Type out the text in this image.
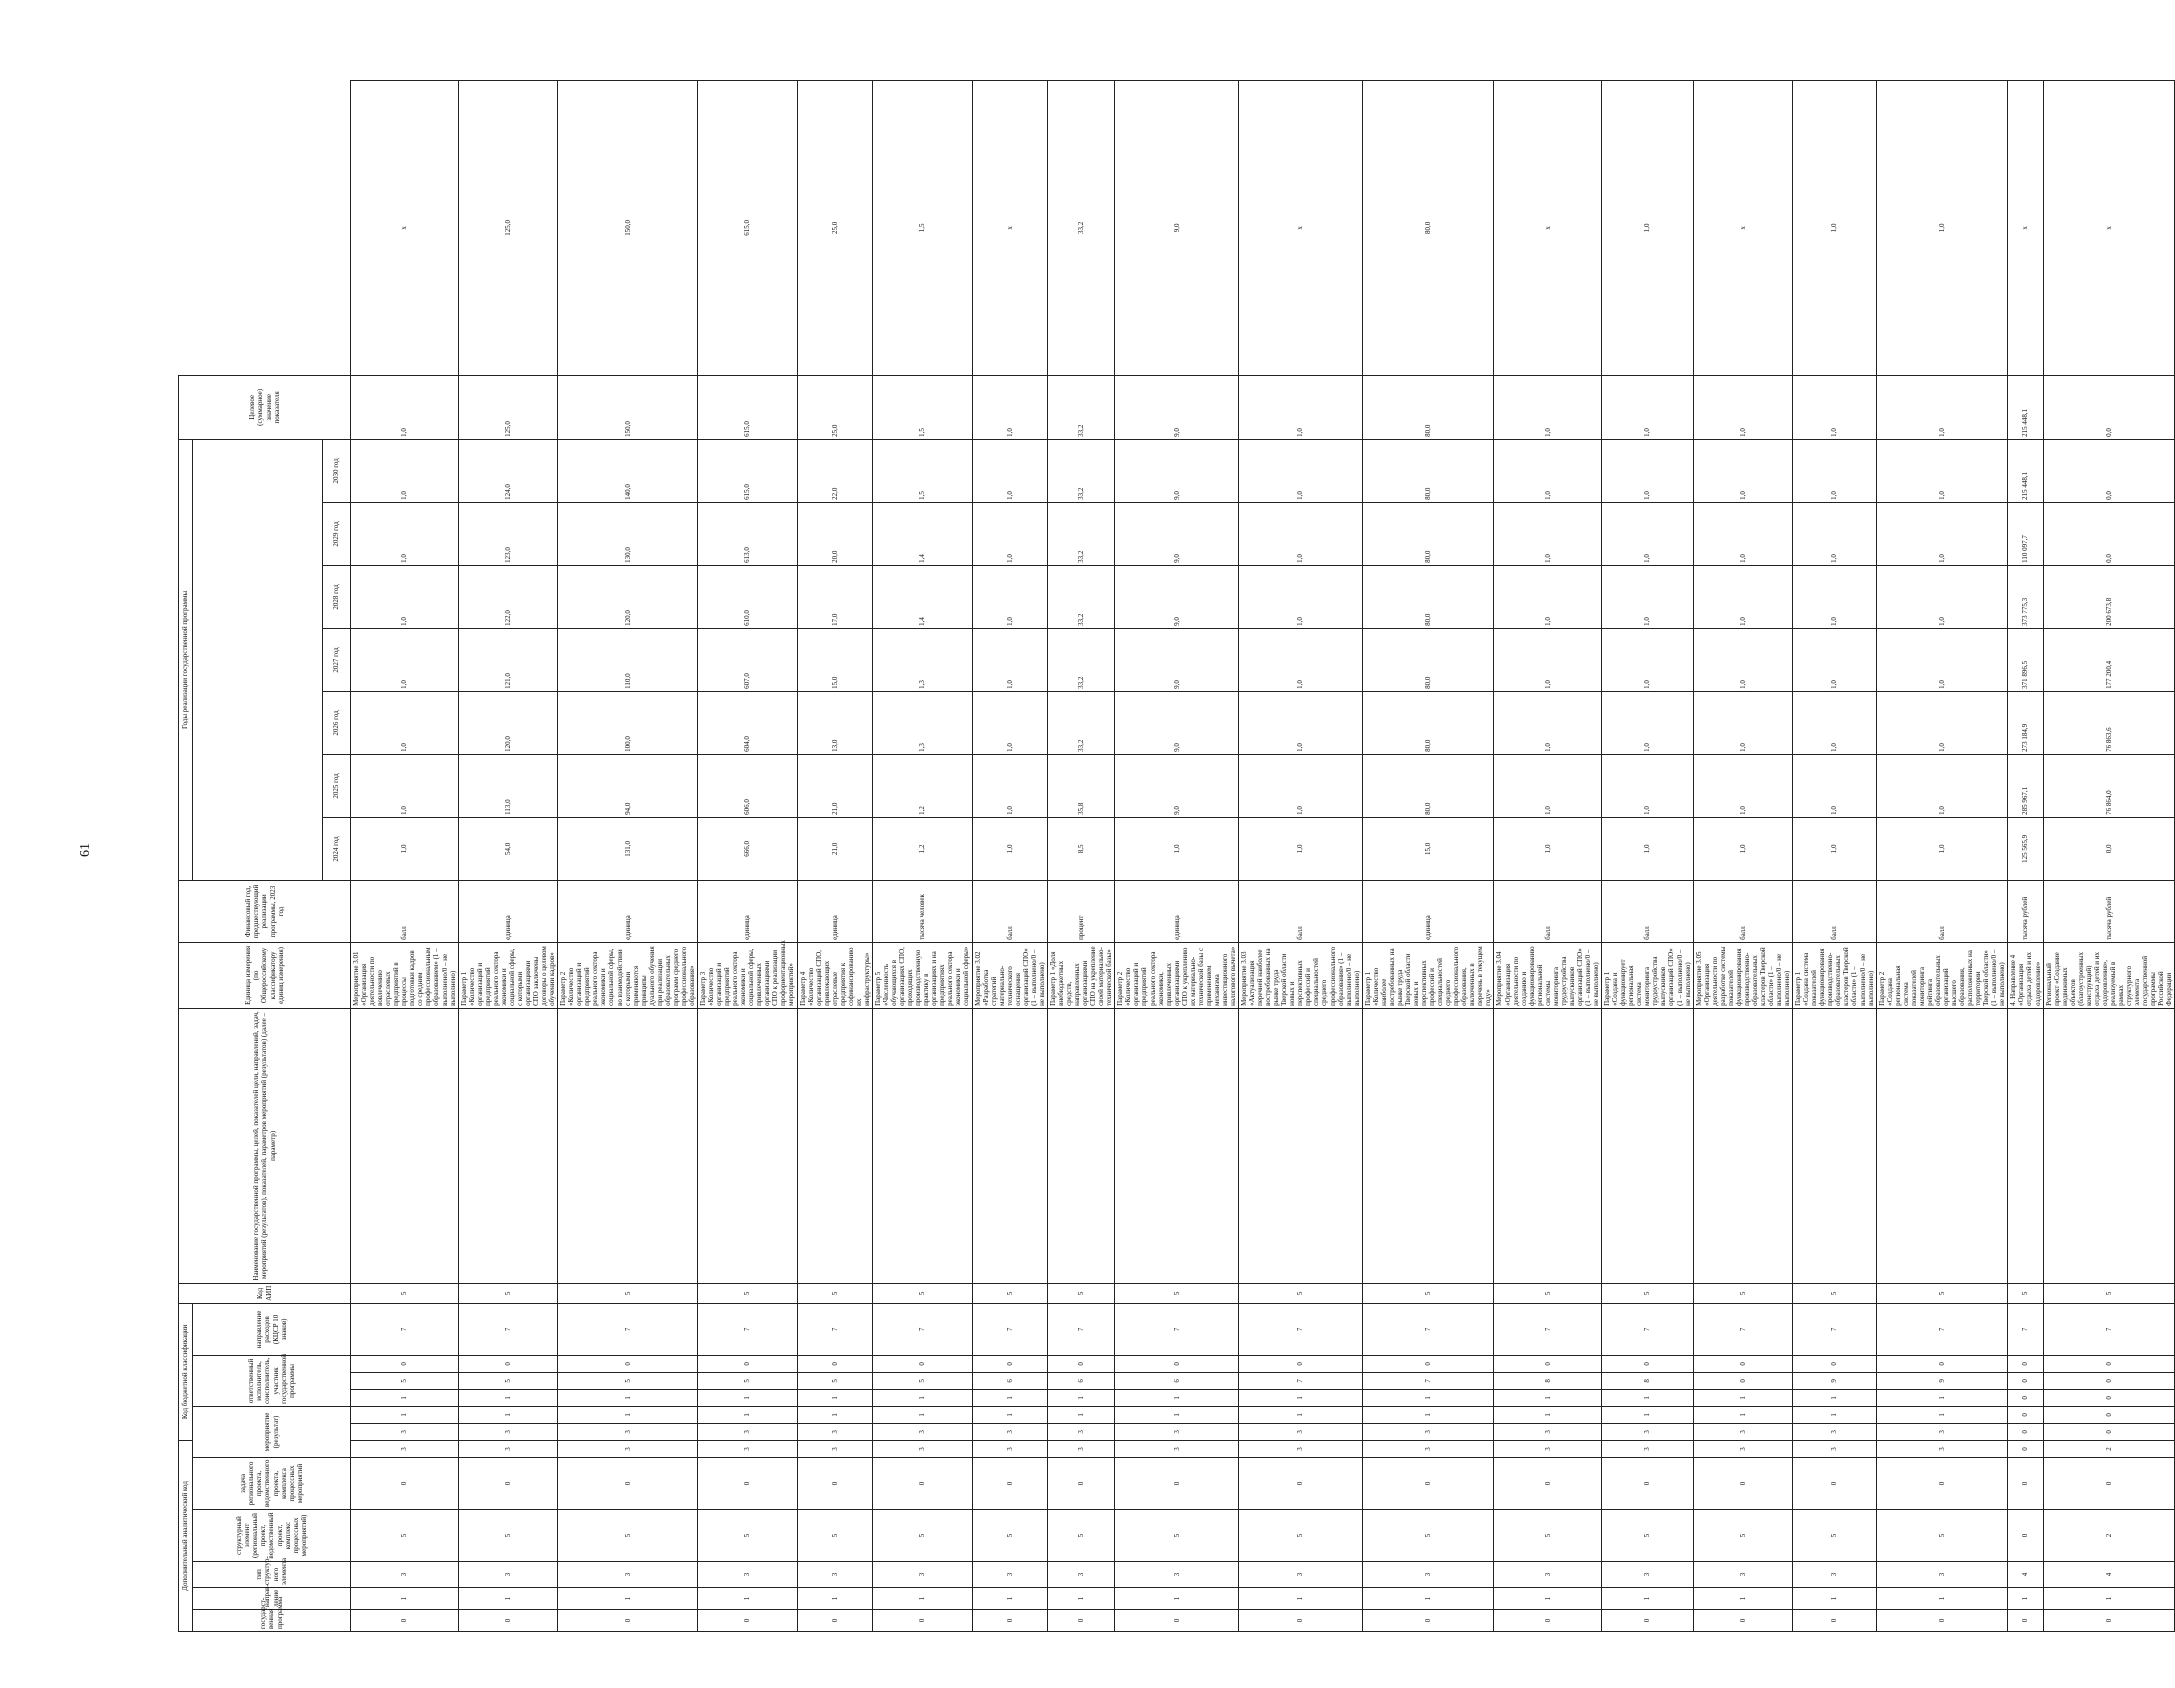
61
Дополнительный аналитический код						Код бюджетной классификации						Код АИП	Наименование государственной программы, целей, показателей цели, направлений, задач, мероприятий (результатов), показателей, параметров мероприятий (результатов) (далее – параметр)	Единица измерения (по Общероссийскому классификатору единиц измерения)	Финансовый год, предшествующий реализации программы, 2023 год	Годы реализации государственной программы							Целевое (суммарное) значение показателя	
государст-венная программа	направ-ление	тип структур-ного элемента	структурный элемент (региональный проект, ведомственный проект, комплекс процессных мероприятий)	задача регионального проекта, ведомственного проекта, комплекса процессных мероприятий	мероприятие (результат)			ответственный исполнитель, соисполнитель, участник государственной программы			направление расходов (КЦСР 10 знаков)													
																2024 год	2025 год	2026 год	2027 год	2028 год	2029 год	2030 год		
0	1	3	5	0	3	3	1	1	5	0	7	5		Мероприятие 3.01 «Организация деятельности по вовлечению отраслевых предприятий в процессы подготовки кадров со средним профессиональным образованием» (1 – выполнено/0 – не выполнено)	балл	1,0	1,0	1,0	1,0	1,0	1,0	1,0	1,0	x
0	1	3	5	0	3	3	1	1	5	0	7	5		Параметр 1 «Количество организаций и предприятий реального сектора экономики и социальной сферы, с которыми организациями СПО заключены договоры о целевом обучении кадров»	единица	54,0	113,0	120,0	121,0	122,0	123,0	124,0	125,0	125,0
0	1	3	5	0	3	3	1	1	5	0	7	5		Параметр 2 «Количество организаций и предприятий реального сектора экономики и социальной сферы, во взаимодействии с которыми применяются принципы дуального обучения при реализации образовательных программ среднего профессионального образования»	единица	131,0	94,0	100,0	110,0	120,0	130,0	140,0	150,0	150,0
0	1	3	5	0	3	3	1	1	5	0	7	5		Параметр 3 «Количество организаций и предприятий реального сектора экономики и социальной сферы, привлеченных организациями СПО к реализации профориентационных мероприятий»	единица	666,0	606,0	604,0	607,0	610,0	613,0	615,0	615,0	615,0
0	1	3	5	0	3	3	1	1	5	0	7	5		Параметр 4 «Количество организаций СПО, привлекающих отраслевые предприятия к софинансированию их инфраструктуры»	единица	21,0	21,0	13,0	15,0	17,0	20,0	22,0	25,0	25,0
0	1	3	5	0	3	3	1	1	5	0	7	5		Параметр 5 «Численность обучающихся в организациях СПО, проходящих производственную практику в организациях и на предприятиях реального сектора экономики и социальной сферы»	тысяча человек	1,2	1,2	1,3	1,3	1,4	1,4	1,5	1,5	1,5
0	1	3	5	0	3	3	1	1	6	0	7	5		Мероприятие 3.02 «Разработка стратегий материально-технического оснащения организаций СПО» (1 – выполнено/0 – не выполнено)	балл	1,0	1,0	1,0	1,0	1,0	1,0	1,0	1,0	x
0	1	3	5	0	3	3	1	1	6	0	7	5		Параметр 1 «Доля внебюджетных средств, направленных организациями СПО на укрепление своей материально-технической базы»	процент	8,5	35,8	33,2	33,2	33,2	33,2	33,2	33,2	33,2
0	1	3	5	0	3	3	1	1	6	0	7	5		Параметр 2 «Количество организаций и предприятий реального сектора экономики, привлеченных организациями СПО к укреплению их материально-технической базы с применением механизма инвестиционного налогового вычета»	единица	1,0	9,0	9,0	9,0	9,0	9,0	9,0	9,0	9,0
0	1	3	5	0	3	3	1	1	7	0	7	5		Мероприятие 3.03 «Актуализация перечней наиболее востребованных на рынке труда Тверской области новых и перспективных профессий и специальностей среднего профессионального образования» (1 – выполнено/0 – не выполнено)	балл	1,0	1,0	1,0	1,0	1,0	1,0	1,0	1,0	x
0	1	3	5	0	3	3	1	1	7	0	7	5		Параметр 1 «Количество наиболее востребованных на рынке труда Тверской области новых и перспективных профессий и специальностей среднего профессионального образования, включенных в перечень в текущем году»	единица	15,0	80,0	80,0	80,0	80,0	80,0	80,0	80,0	80,0
0	1	3	5	0	3	3	1	1	8	0	7	5		Мероприятие 3.04 «Организация деятельности по созданию и функционированию региональной системы мониторинга трудоустройства выпускников организаций СПО» (1 – выполнено/0 – не выполнено)	балл	1,0	1,0	1,0	1,0	1,0	1,0	1,0	1,0	x
0	1	3	5	0	3	3	1	1	8	0	7	5		Параметр 1 «Создана и функционирует региональная система мониторинга трудоустройства выпускников организаций СПО» (1 – выполнено/0 – не выполнено)	балл	1,0	1,0	1,0	1,0	1,0	1,0	1,0	1,0	1,0
0	1	3	5	0	3	3	1	1	0	0	7	5		Мероприятие 3.05 «Организация деятельности по разработке системы показателей функционирования производственно-образовательных кластеров Тверской области» (1 – выполнено/0 – не выполнено)	балл	1,0	1,0	1,0	1,0	1,0	1,0	1,0	1,0	x
0	1	3	5	0	3	3	1	1	9	0	7	5		Параметр 1 «Создана система показателей функционирования производственно-образовательных кластеров Тверской области» (1 – выполнено/0 – не выполнено)	балл	1,0	1,0	1,0	1,0	1,0	1,0	1,0	1,0	1,0
0	1	3	5	0	3	3	1	1	9	0	7	5		Параметр 2 «Создана региональная система показателей мониторинга рейтинга образовательных организаций высшего образования, расположенных на территории Тверской области» (1 – выполнено/0 – не выполнено)	балл	1,0	1,0	1,0	1,0	1,0	1,0	1,0	1,0	1,0
0	1	4	0	0	0	0	0	0	0	0	7	5		4. Направление 4 «Организация отдыха детей и их оздоровление»	тысяча рублей	125 565,9	285 967,1	273 184,9	371 896,5	373 775,3	110 097,7	215 448,1	215 448,1	x
0	1	4	2	0	2	0	0	0	0	0	7	5		Региональный проект «Создание недвижимых объектов (благоустроенных конструкций) отдыха детей и их оздоровления», реализуемый в рамках структурного элемента государственной программы Российской Федерации	тысяча рублей	0,0	76 864,0	76 863,6	177 200,4	200 673,8	0,0	0,0	0,0	x
